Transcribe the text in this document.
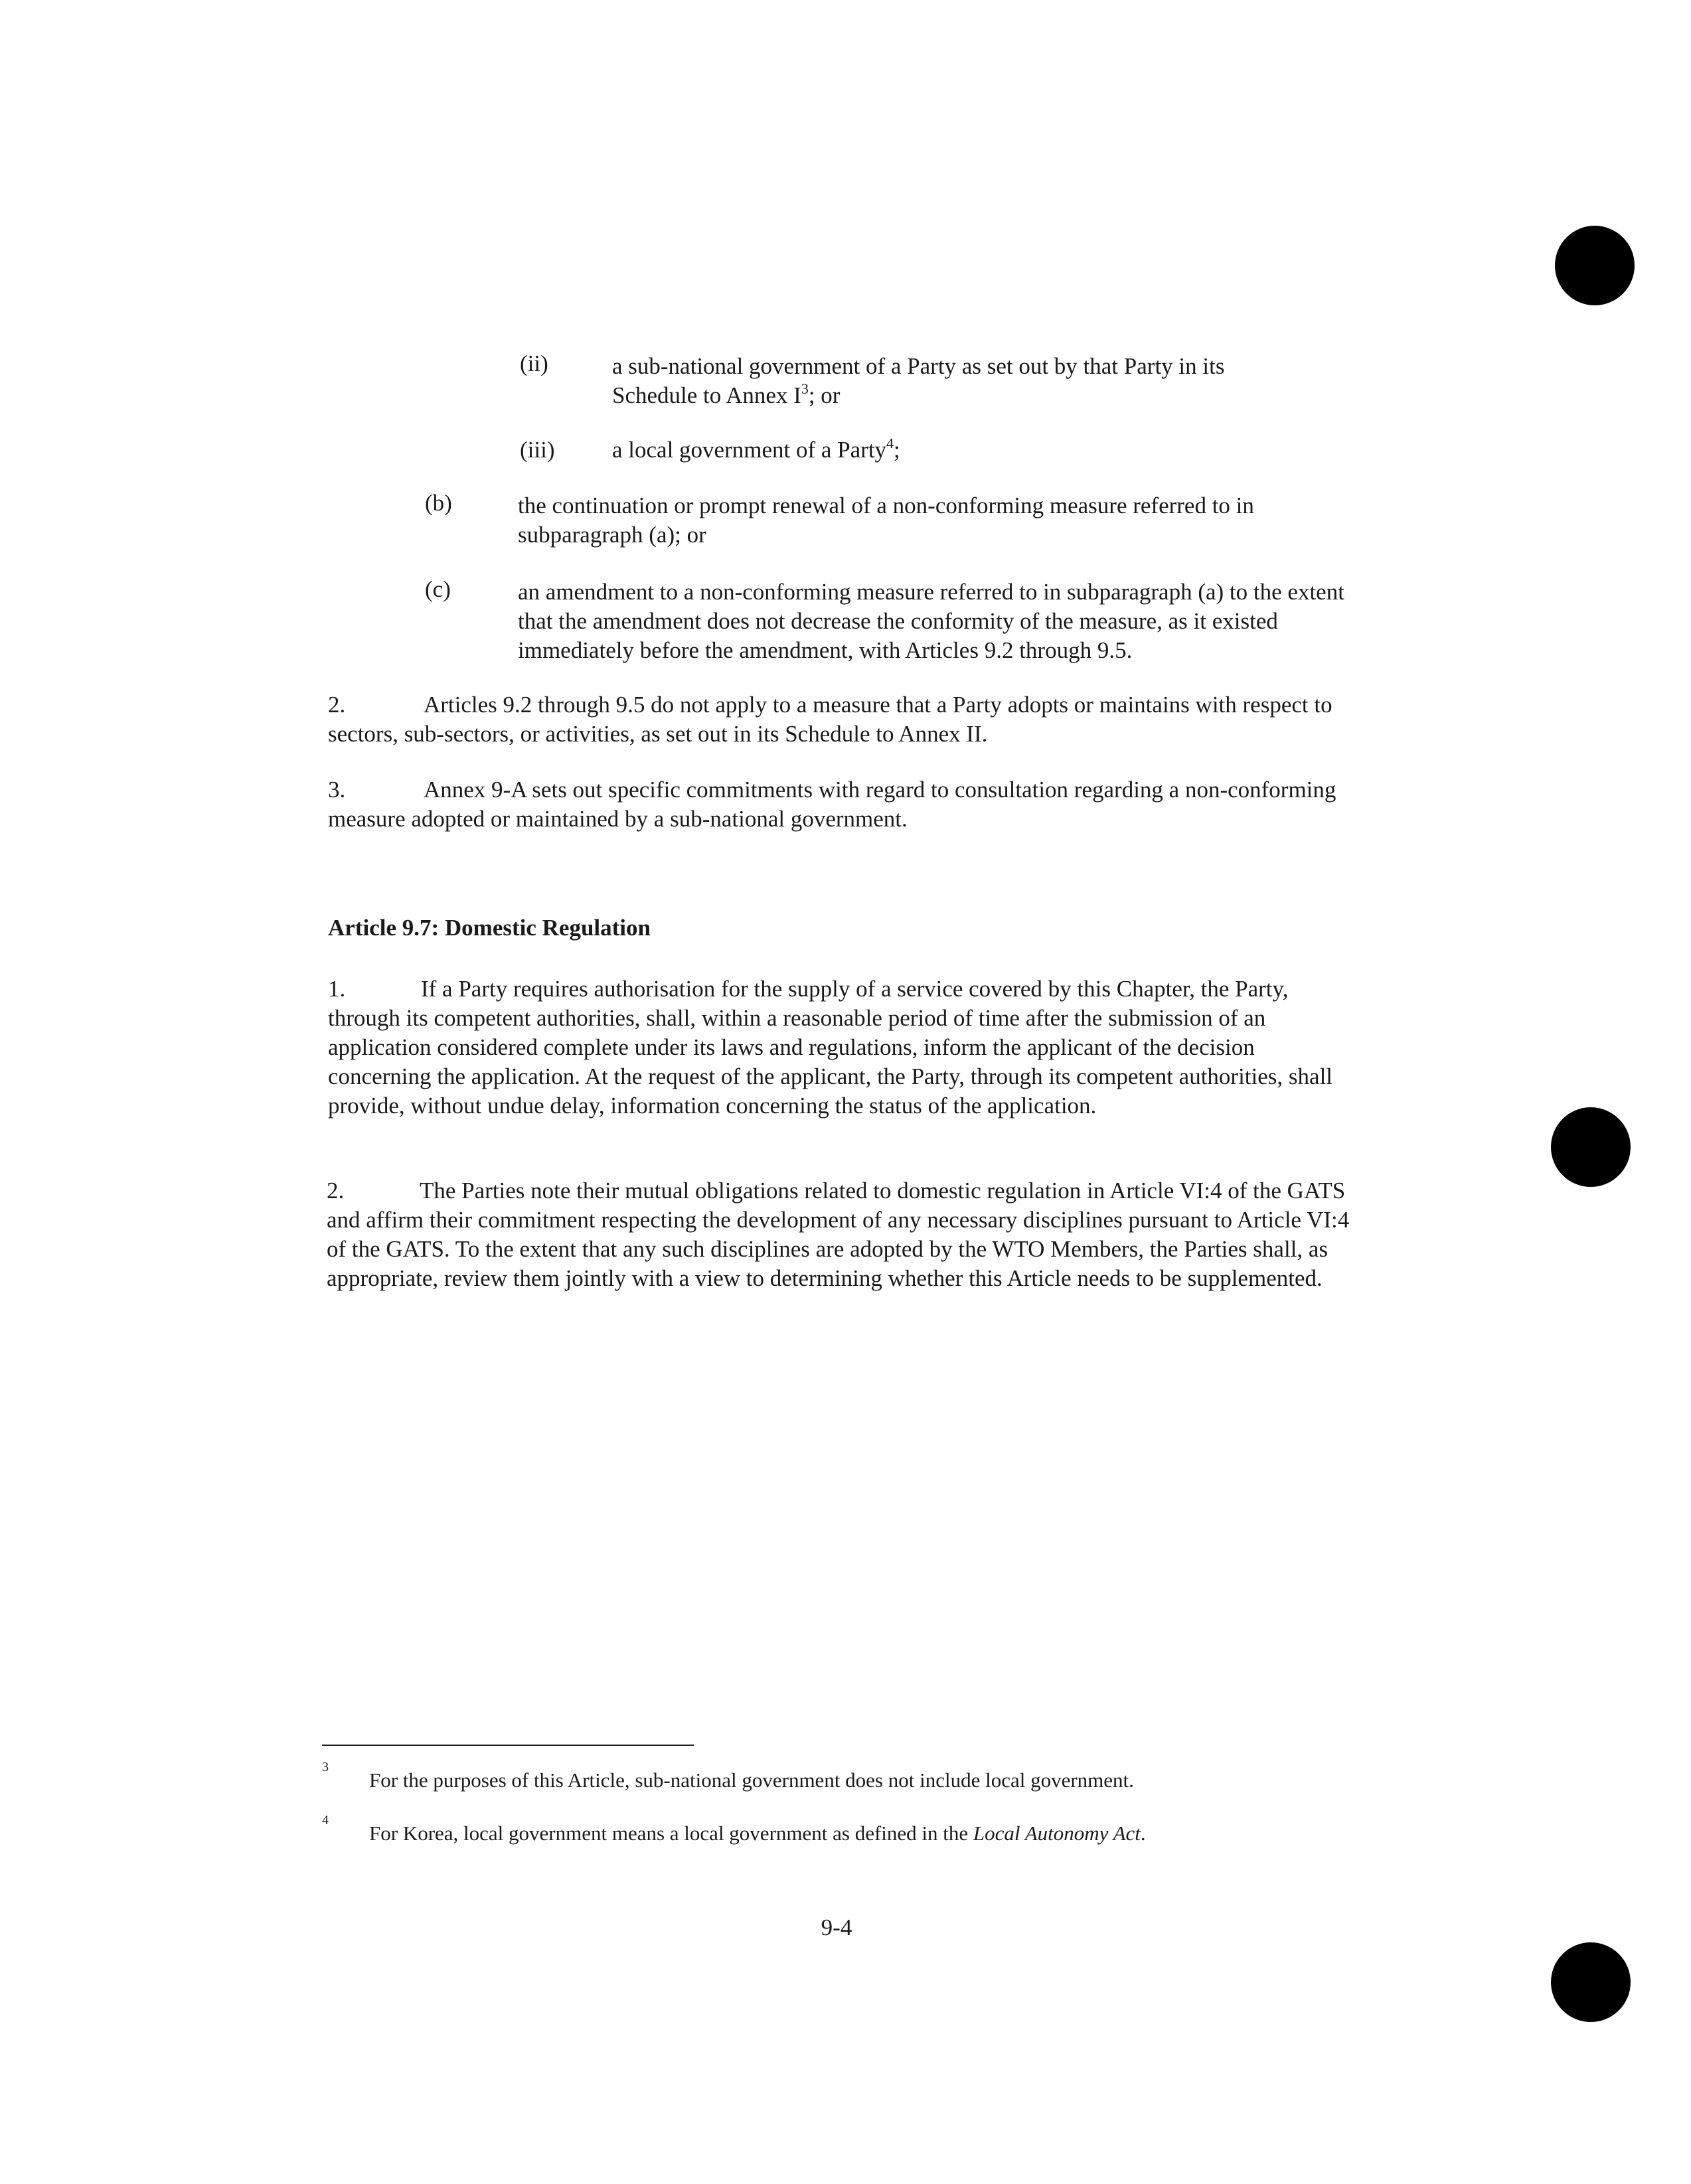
(ii)	a sub-national government of a Party as set out by that Party in its
Schedule to Annex $I^3$; or
(iii) a local government of a Party$^4$;
(b)	the continuation or prompt renewal of a non-conforming measure referred to in subparagraph (a); or
(c)	an amendment to a non-conforming measure referred to in subparagraph (a) to the extent that the amendment does not decrease the conformity of the measure, as it existed immediately before the amendment, with Articles 9.2 through 9.5.
2.	Articles 9.2 through 9.5 do not apply to a measure that a Party adopts or maintains with respect to sectors, sub-sectors, or activities, as set out in its Schedule to Annex II.
3.	Annex 9-A sets out specific commitments with regard to consultation regarding a non-conforming measure adopted or maintained by a sub-national government.
Article 9.7: Domestic Regulation
1.	If a Party requires authorisation for the supply of a service covered by this Chapter, the Party, through its competent authorities, shall, within a reasonable period of time after the submission of an application considered complete under its laws and regulations, inform the applicant of the decision concerning the application. At the request of the applicant, the Party, through its competent authorities, shall provide, without undue delay, information concerning the status of the application.
2.	The Parties note their mutual obligations related to domestic regulation in Article VI:4 of the GATS and affirm their commitment respecting the development of any necessary disciplines pursuant to Article VI:4 of the GATS. To the extent that any such disciplines are adopted by the WTO Members, the Parties shall, as appropriate, review them jointly with a view to determining whether this Article needs to be supplemented.
3
For the purposes of this Article, sub-national government does not include local government.
4
For Korea, local government means a local government as defined in the Local Autonomy Act.
9-4
